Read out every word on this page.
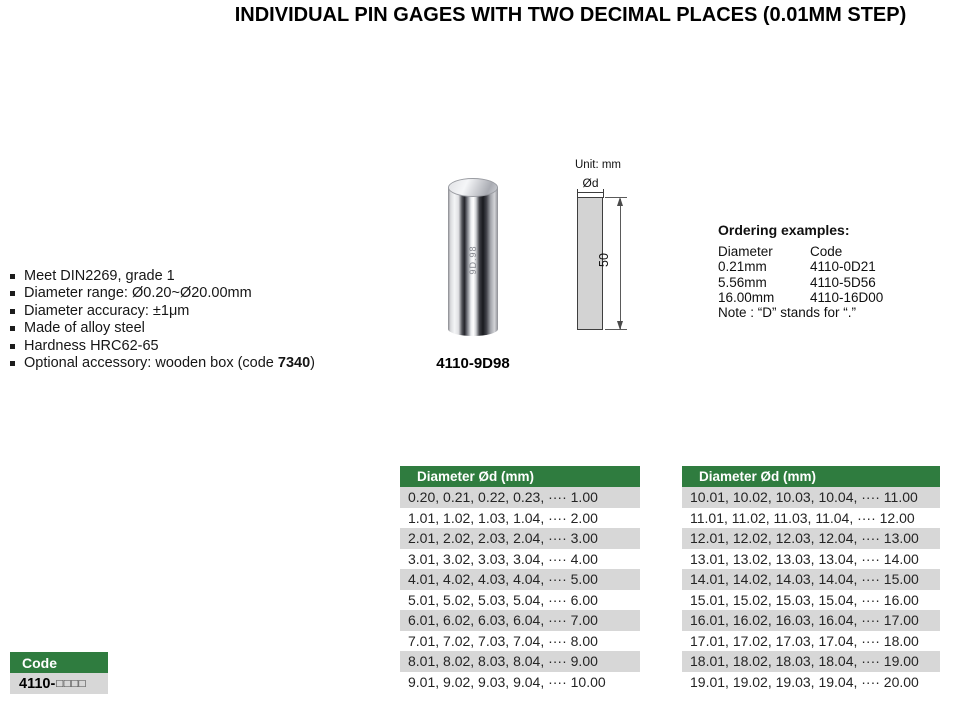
INDIVIDUAL PIN GAGES WITH TWO DECIMAL PLACES (0.01MM STEP)
Meet DIN2269, grade 1
Diameter range: Ø0.20~Ø20.00mm
Diameter accuracy: ±1μm
Made of alloy steel
Hardness HRC62-65
Optional accessory: wooden box (code 7340)
9D.98
4110-9D98
Unit: mm
Ød
50
Ordering examples:
Diameter	Code
0.21mm	4110-0D21
5.56mm	4110-5D56
16.00mm	4110-16D00
Note : “D” stands for “.”
Diameter Ød (mm)
0.20, 0.21, 0.22, 0.23, ···· 1.00
1.01, 1.02, 1.03, 1.04, ···· 2.00
2.01, 2.02, 2.03, 2.04, ···· 3.00
3.01, 3.02, 3.03, 3.04, ···· 4.00
4.01, 4.02, 4.03, 4.04, ···· 5.00
5.01, 5.02, 5.03, 5.04, ···· 6.00
6.01, 6.02, 6.03, 6.04, ···· 7.00
7.01, 7.02, 7.03, 7.04, ···· 8.00
8.01, 8.02, 8.03, 8.04, ···· 9.00
9.01, 9.02, 9.03, 9.04, ···· 10.00
Diameter Ød (mm)
10.01, 10.02, 10.03, 10.04, ···· 11.00
11.01, 11.02, 11.03, 11.04, ···· 12.00
12.01, 12.02, 12.03, 12.04, ···· 13.00
13.01, 13.02, 13.03, 13.04, ···· 14.00
14.01, 14.02, 14.03, 14.04, ···· 15.00
15.01, 15.02, 15.03, 15.04, ···· 16.00
16.01, 16.02, 16.03, 16.04, ···· 17.00
17.01, 17.02, 17.03, 17.04, ···· 18.00
18.01, 18.02, 18.03, 18.04, ···· 19.00
19.01, 19.02, 19.03, 19.04, ···· 20.00
Code
4110- □□□□
